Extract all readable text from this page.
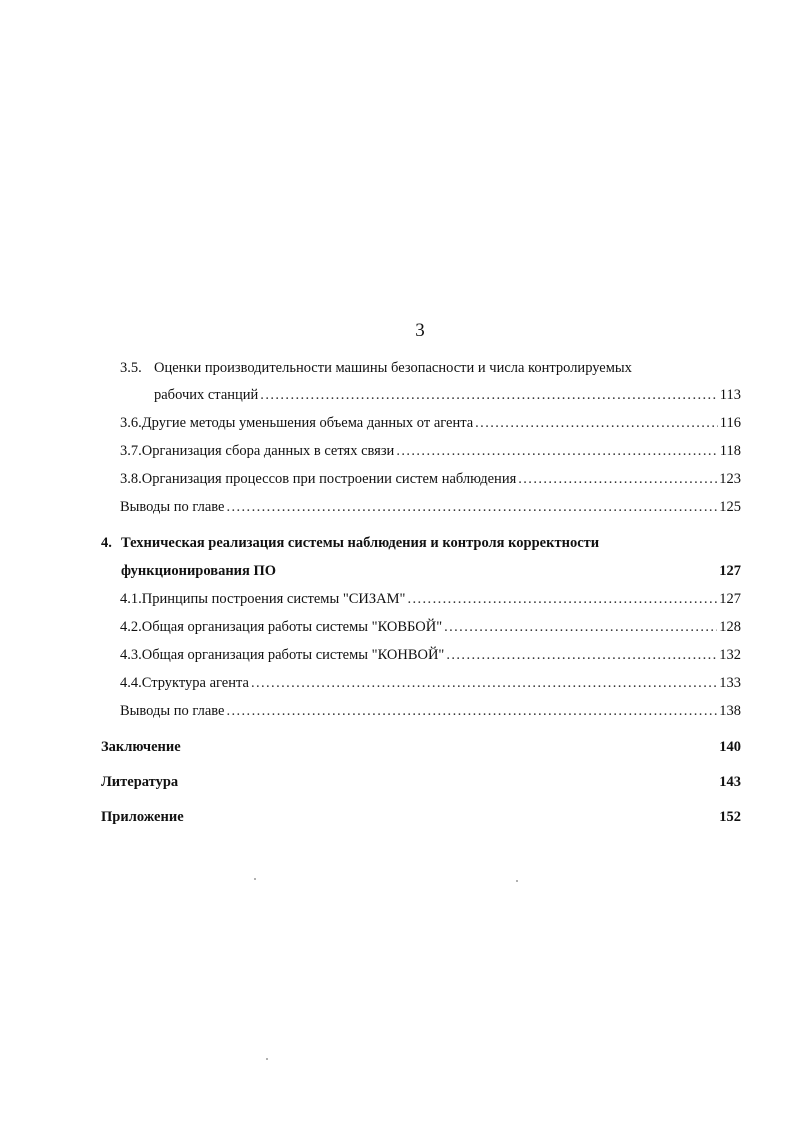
3
3.5. Оценки производительности машины безопасности и числа контролируемых
рабочих станций .....	113
3.6. Другие методы уменьшения объема данных от агента .....	116
3.7. Организация сбора данных в сетях связи .....	118
3.8. Организация процессов при построении систем наблюдения .....	123
Выводы по главе .....	125
4. Техническая реализация системы наблюдения и контроля корректности
функционирования ПО	127
4.1. Принципы построения системы "СИЗАМ" .....	127
4.2. Общая организация работы системы "КОВБОЙ" .....	128
4.3. Общая организация работы системы "КОНВОЙ" .....	132
4.4. Структура агента .....	133
Выводы по главе .....	138
Заключение	140
Литература	143
Приложение	152
